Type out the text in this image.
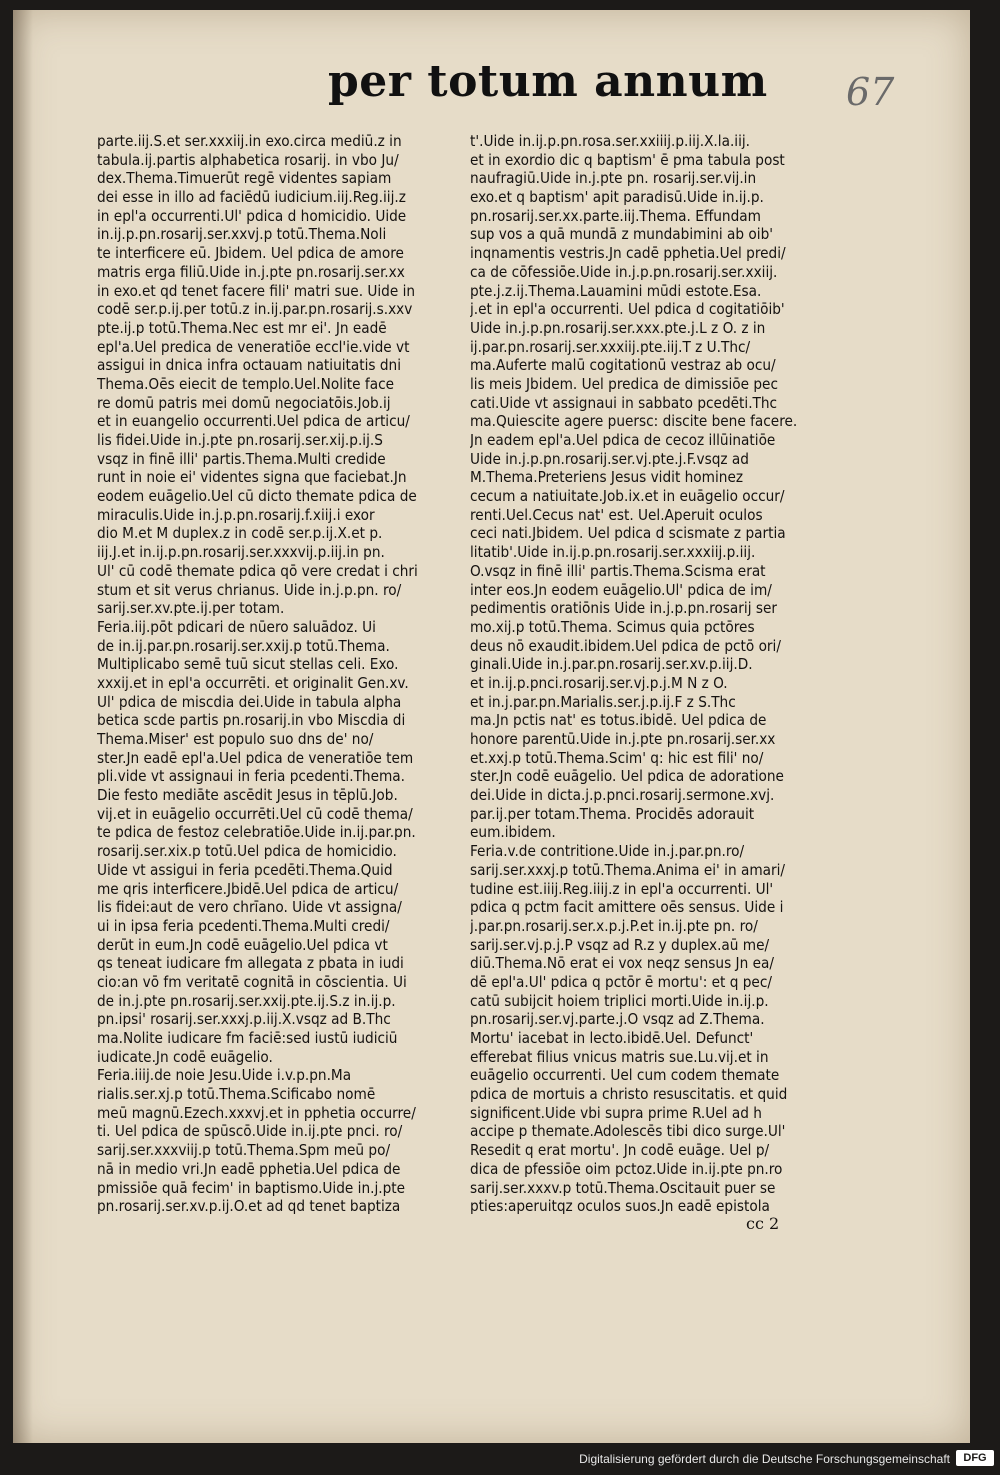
per totum annum 67
parte.iij.S.et ser.xxxiij.in exo.circa mediū.z in
tabula.ij.partis alphabetica rosarij. in vbo Ju/
dex.Thema.Timuerūt regē videntes sapiam
dei esse in illo ad faciēdū iudicium.iij.Reg.iij.z
in epl'a occurrenti.Ul' pdica d homicidio. Uide
in.ij.p.pn.rosarij.ser.xxvj.p totū.Thema.Noli
te interficere eū. Jbidem. Uel pdica de amore
matris erga filiū.Uide in.j.pte pn.rosarij.ser.xx
in exo.et qd tenet facere fili' matri sue. Uide in
codē ser.p.ij.per totū.z in.ij.par.pn.rosarij.s.xxv
pte.ij.p totū.Thema.Nec est mr ei'. Jn eadē
epl'a.Uel predica de veneratiōe eccl'ie.vide vt
assigui in dnica infra octauam natiuitatis dni
Thema.Oēs eiecit de templo.Uel.Nolite face
re domū patris mei domū negociatōis.Job.ij
et in euangelio occurrenti.Uel pdica de articu/
lis fidei.Uide in.j.pte pn.rosarij.ser.xij.p.ij.S
vsqz in finē illi' partis.Thema.Multi credide
runt in noie ei' videntes signa que faciebat.Jn
eodem euāgelio.Uel cū dicto themate pdica de
miraculis.Uide in.j.p.pn.rosarij.f.xiij.i exor
dio M.et M duplex.z in codē ser.p.ij.X.et p.
iij.J.et in.ij.p.pn.rosarij.ser.xxxvij.p.iij.in pn.
Ul' cū codē themate pdica qō vere credat i chri
stum et sit verus chrianus. Uide in.j.p.pn. ro/
sarij.ser.xv.pte.ij.per totam.
Feria.iij.pōt pdicari de nūero saluādoz. Ui
de in.ij.par.pn.rosarij.ser.xxij.p totū.Thema.
Multiplicabo semē tuū sicut stellas celi. Exo.
xxxij.et in epl'a occurrēti. et originalit Gen.xv.
Ul' pdica de miscdia dei.Uide in tabula alpha
betica scde partis pn.rosarij.in vbo Miscdia di
Thema.Miser' est populo suo dns de' no/
ster.Jn eadē epl'a.Uel pdica de veneratiōe tem
pli.vide vt assignaui in feria pcedenti.Thema.
Die festo mediāte ascēdit Jesus in tēplū.Job.
vij.et in euāgelio occurrēti.Uel cū codē thema/
te pdica de festoz celebratiōe.Uide in.ij.par.pn.
rosarij.ser.xix.p totū.Uel pdica de homicidio.
Uide vt assigui in feria pcedēti.Thema.Quid
me qris interficere.Jbidē.Uel pdica de articu/
lis fidei:aut de vero chrīano. Uide vt assigna/
ui in ipsa feria pcedenti.Thema.Multi credi/
derūt in eum.Jn codē euāgelio.Uel pdica vt
qs teneat iudicare fm allegata z pbata in iudi
cio:an vō fm veritatē cognitā in cōscientia. Ui
de in.j.pte pn.rosarij.ser.xxij.pte.ij.S.z in.ij.p.
pn.ipsi' rosarij.ser.xxxj.p.iij.X.vsqz ad B.Thc
ma.Nolite iudicare fm faciē:sed iustū iudiciū
iudicate.Jn codē euāgelio.
Feria.iiij.de noie Jesu.Uide i.v.p.pn.Ma
rialis.ser.xj.p totū.Thema.Scificabo nomē
meū magnū.Ezech.xxxvj.et in pphetia occurre/
ti. Uel pdica de spūscō.Uide in.ij.pte pnci. ro/
sarij.ser.xxxviij.p totū.Thema.Spm meū po/
nā in medio vri.Jn eadē pphetia.Uel pdica de
pmissiōe quā fecim' in baptismo.Uide in.j.pte
pn.rosarij.ser.xv.p.ij.O.et ad qd tenet baptiza
t'.Uide in.ij.p.pn.rosa.ser.xxiiij.p.iij.X.la.iij.
et in exordio dic q baptism' ē pma tabula post
naufragiū.Uide in.j.pte pn. rosarij.ser.vij.in
exo.et q baptism' apit paradisū.Uide in.ij.p.
pn.rosarij.ser.xx.parte.iij.Thema. Effundam
sup vos a quā mundā z mundabimini ab oib'
inqnamentis vestris.Jn cadē pphetia.Uel predi/
ca de cōfessiōe.Uide in.j.p.pn.rosarij.ser.xxiij.
pte.j.z.ij.Thema.Lauamini mūdi estote.Esa.
j.et in epl'a occurrenti. Uel pdica d cogitatiōib'
Uide in.j.p.pn.rosarij.ser.xxx.pte.j.L z O. z in
ij.par.pn.rosarij.ser.xxxiij.pte.iij.T z U.Thc/
ma.Auferte malū cogitationū vestraz ab ocu/
lis meis Jbidem. Uel predica de dimissiōe pec
cati.Uide vt assignaui in sabbato pcedēti.Thc
ma.Quiescite agere puersc: discite bene facere.
Jn eadem epl'a.Uel pdica de cecoz illūinatiōe
Uide in.j.p.pn.rosarij.ser.vj.pte.j.F.vsqz ad
M.Thema.Preteriens Jesus vidit hominez
cecum a natiuitate.Job.ix.et in euāgelio occur/
renti.Uel.Cecus nat' est. Uel.Aperuit oculos
ceci nati.Jbidem. Uel pdica d scismate z partia
litatib'.Uide in.ij.p.pn.rosarij.ser.xxxiij.p.iij.
O.vsqz in finē illi' partis.Thema.Scisma erat
inter eos.Jn eodem euāgelio.Ul' pdica de im/
pedimentis oratiōnis Uide in.j.p.pn.rosarij ser
mo.xij.p totū.Thema. Scimus quia pctōres
deus nō exaudit.ibidem.Uel pdica de pctō ori/
ginali.Uide in.j.par.pn.rosarij.ser.xv.p.iij.D.
et in.ij.p.pnci.rosarij.ser.vj.p.j.M N z O.
et in.j.par.pn.Marialis.ser.j.p.ij.F z S.Thc
ma.Jn pctis nat' es totus.ibidē. Uel pdica de
honore parentū.Uide in.j.pte pn.rosarij.ser.xx
et.xxj.p totū.Thema.Scim' q: hic est fili' no/
ster.Jn codē euāgelio. Uel pdica de adoratione
dei.Uide in dicta.j.p.pnci.rosarij.sermone.xvj.
par.ij.per totam.Thema. Procidēs adorauit
eum.ibidem.
Feria.v.de contritione.Uide in.j.par.pn.ro/
sarij.ser.xxxj.p totū.Thema.Anima ei' in amari/
tudine est.iiij.Reg.iiij.z in epl'a occurrenti. Ul'
pdica q pctm facit amittere oēs sensus. Uide i
j.par.pn.rosarij.ser.x.p.j.P.et in.ij.pte pn. ro/
sarij.ser.vj.p.j.P vsqz ad R.z y duplex.aū me/
diū.Thema.Nō erat ei vox neqz sensus Jn ea/
dē epl'a.Ul' pdica q pctōr ē mortu': et q pec/
catū subijcit hoiem triplici morti.Uide in.ij.p.
pn.rosarij.ser.vj.parte.j.O vsqz ad Z.Thema.
Mortu' iacebat in lecto.ibidē.Uel. Defunct'
efferebat filius vnicus matris sue.Lu.vij.et in
euāgelio occurrenti. Uel cum codem themate
pdica de mortuis a christo resuscitatis. et quid
significent.Uide vbi supra prime R.Uel ad h
accipe p themate.Adolescēs tibi dico surge.Ul'
Resedit q erat mortu'. Jn codē euāge. Uel p/
dica de pfessiōe oim pctoz.Uide in.ij.pte pn.ro
sarij.ser.xxxv.p totū.Thema.Oscitauit puer se
pties:aperuitqz oculos suos.Jn eadē epistola
cc 2
Digitalisierung gefördert durch die Deutsche Forschungsgemeinschaft	DFG
